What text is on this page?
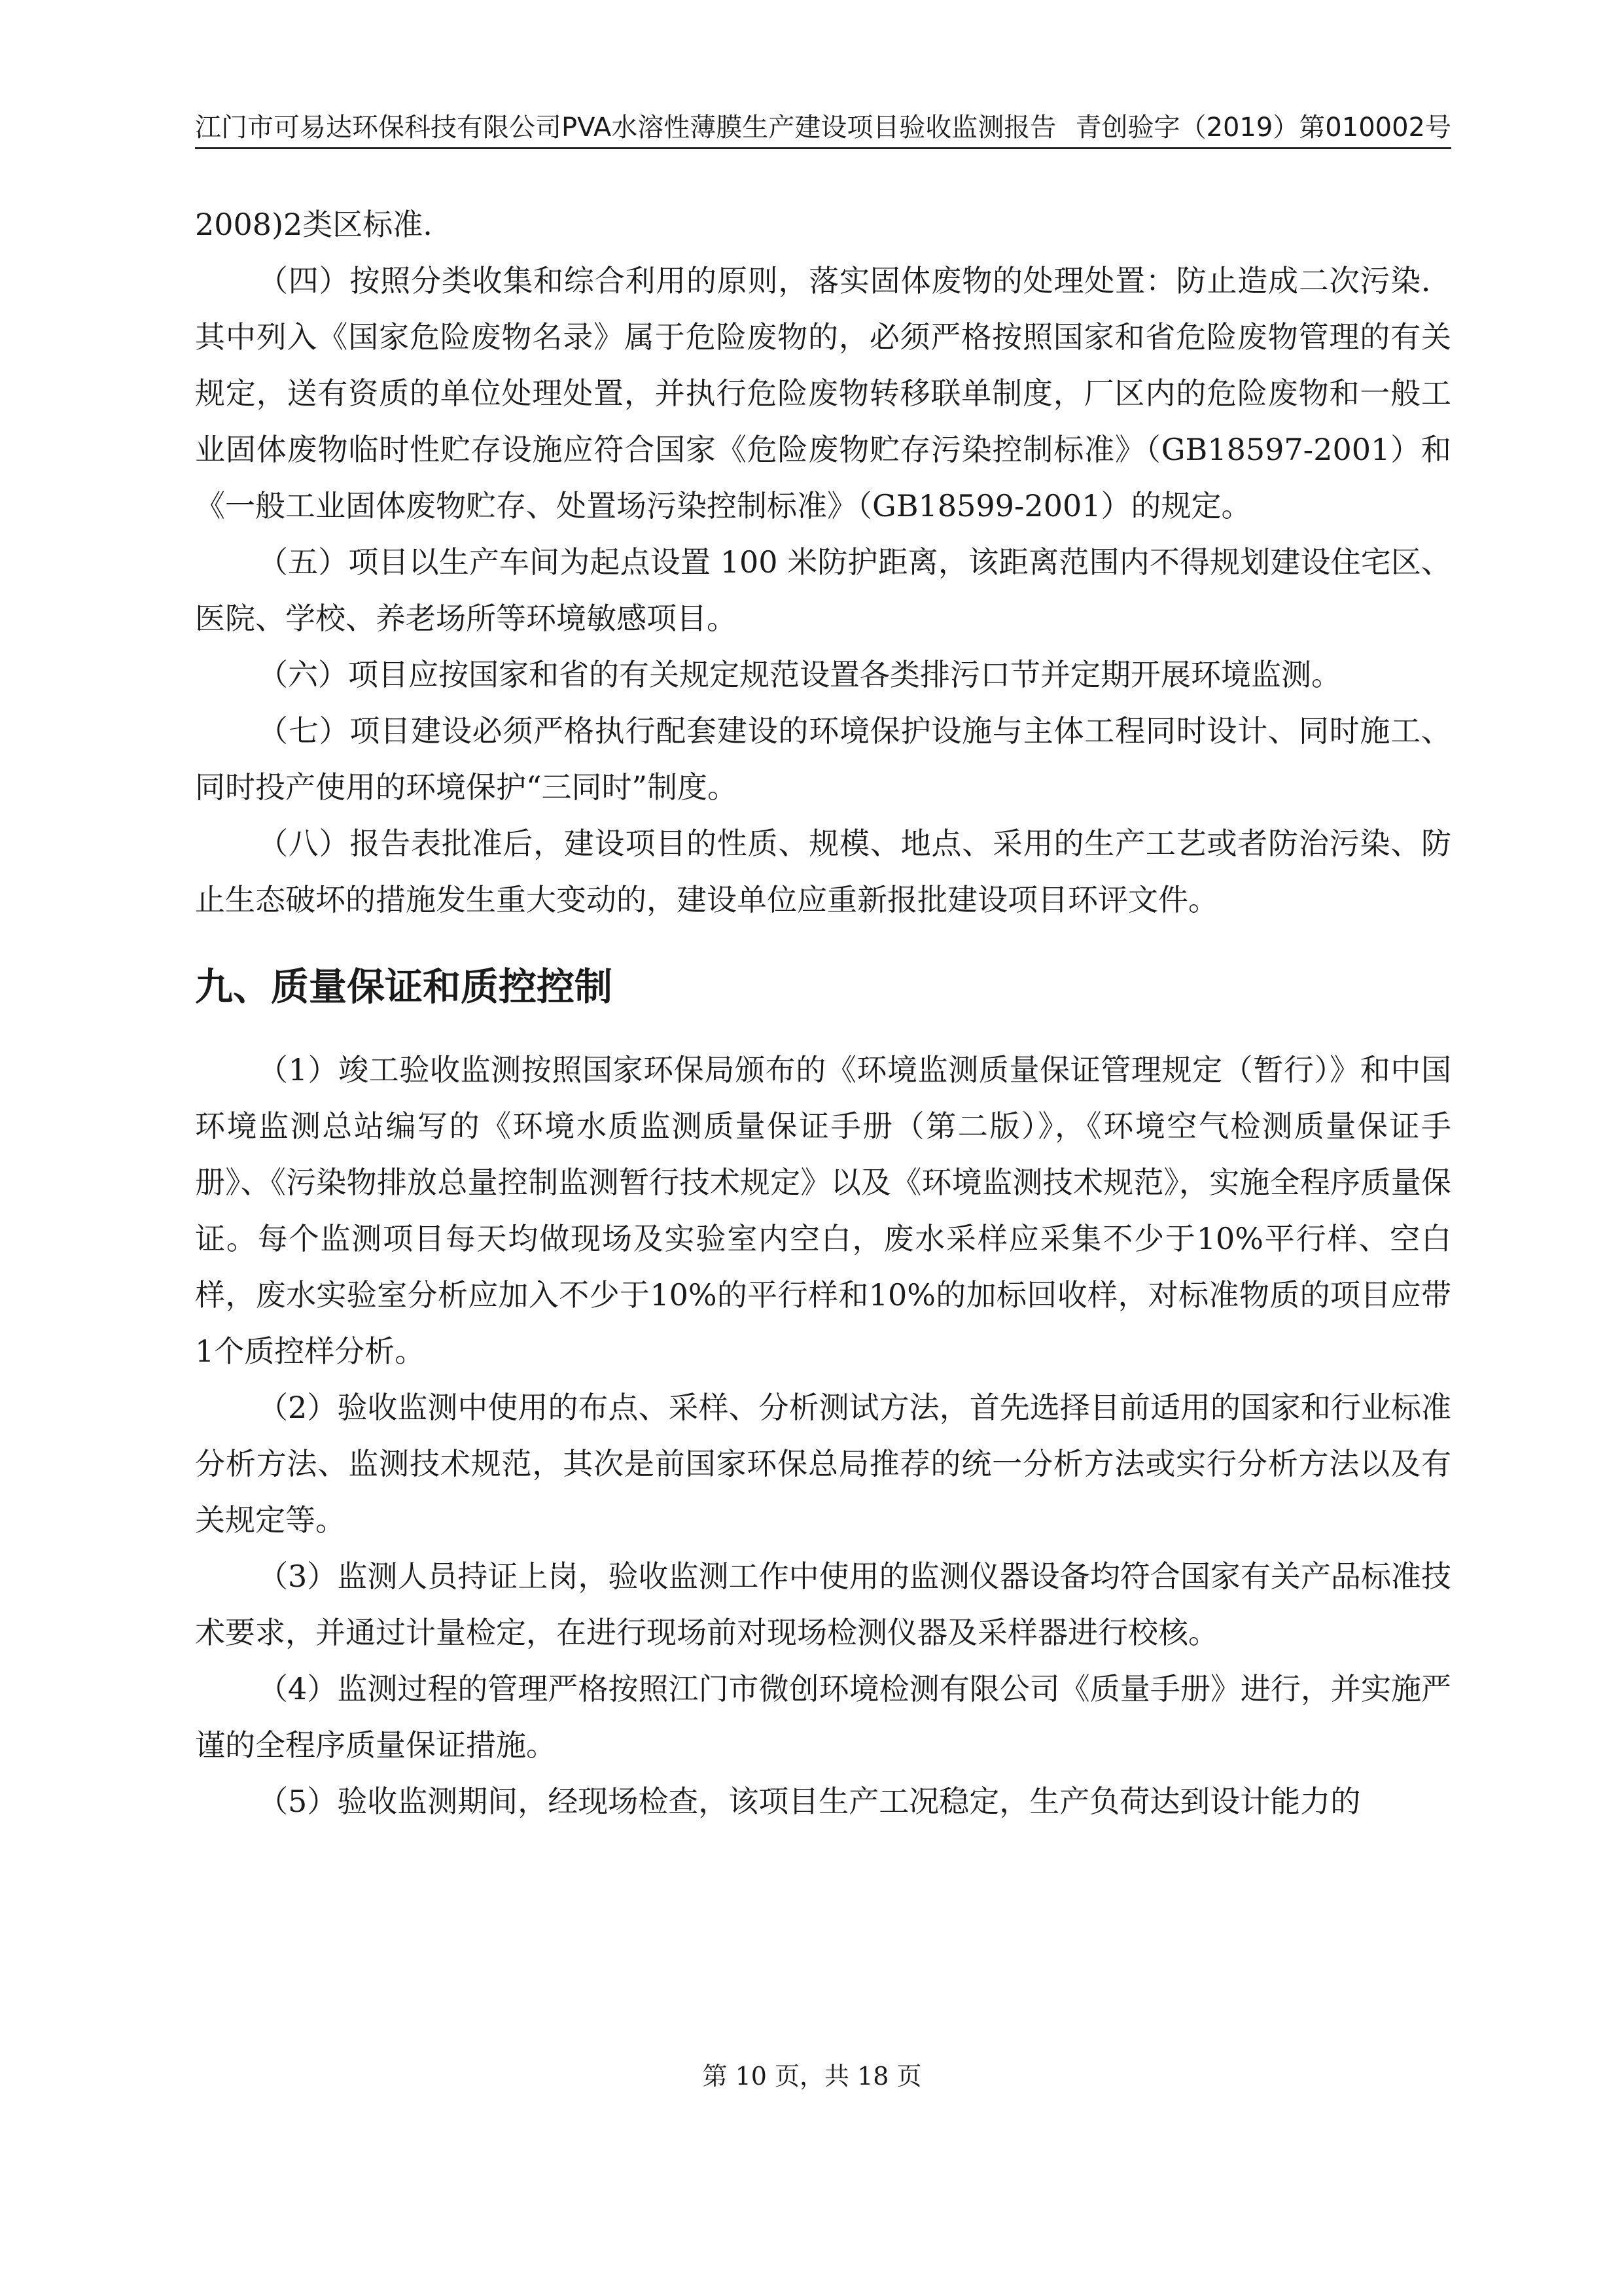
江门市可易达环保科技有限公司PVA水溶性薄膜生产建设项目验收监测报告 青创验字（2019）第010002号

2008)2类区标准.

（四）按照分类收集和综合利用的原则，落实固体废物的处理处置：防止造成二次污染．其中列入《国家危险废物名录》属于危险废物的，必须严格按照国家和省危险废物管理的有关规定，送有资质的单位处理处置，并执行危险废物转移联单制度，厂区内的危险废物和一般工业固体废物临时性贮存设施应符合国家《危险废物贮存污染控制标准》（GB18597-2001）和《一般工业固体废物贮存、处置场污染控制标准》（GB18599-2001）的规定。

（五）项目以生产车间为起点设置 100 米防护距离，该距离范围内不得规划建设住宅区、医院、学校、养老场所等环境敏感项目。

（六）项目应按国家和省的有关规定规范设置各类排污口节并定期开展环境监测。

（七）项目建设必须严格执行配套建设的环境保护设施与主体工程同时设计、同时施工、同时投产使用的环境保护“三同时”制度。

（八）报告表批准后，建设项目的性质、规模、地点、采用的生产工艺或者防治污染、防止生态破坏的措施发生重大变动的，建设单位应重新报批建设项目环评文件。

九、质量保证和质控控制

（1）竣工验收监测按照国家环保局颁布的《环境监测质量保证管理规定（暂行）》和中国环境监测总站编写的《环境水质监测质量保证手册（第二版）》，《环境空气检测质量保证手册》、《污染物排放总量控制监测暂行技术规定》以及《环境监测技术规范》，实施全程序质量保证。每个监测项目每天均做现场及实验室内空白，废水采样应采集不少于10%平行样、空白样，废水实验室分析应加入不少于10%的平行样和10%的加标回收样，对标准物质的项目应带1个质控样分析。

（2）验收监测中使用的布点、采样、分析测试方法，首先选择目前适用的国家和行业标准分析方法、监测技术规范，其次是前国家环保总局推荐的统一分析方法或实行分析方法以及有关规定等。

（3）监测人员持证上岗，验收监测工作中使用的监测仪器设备均符合国家有关产品标准技术要求，并通过计量检定，在进行现场前对现场检测仪器及采样器进行校核。

（4）监测过程的管理严格按照江门市微创环境检测有限公司《质量手册》进行，并实施严谨的全程序质量保证措施。

（5）验收监测期间，经现场检查，该项目生产工况稳定，生产负荷达到设计能力的

第 10 页，共 18 页
